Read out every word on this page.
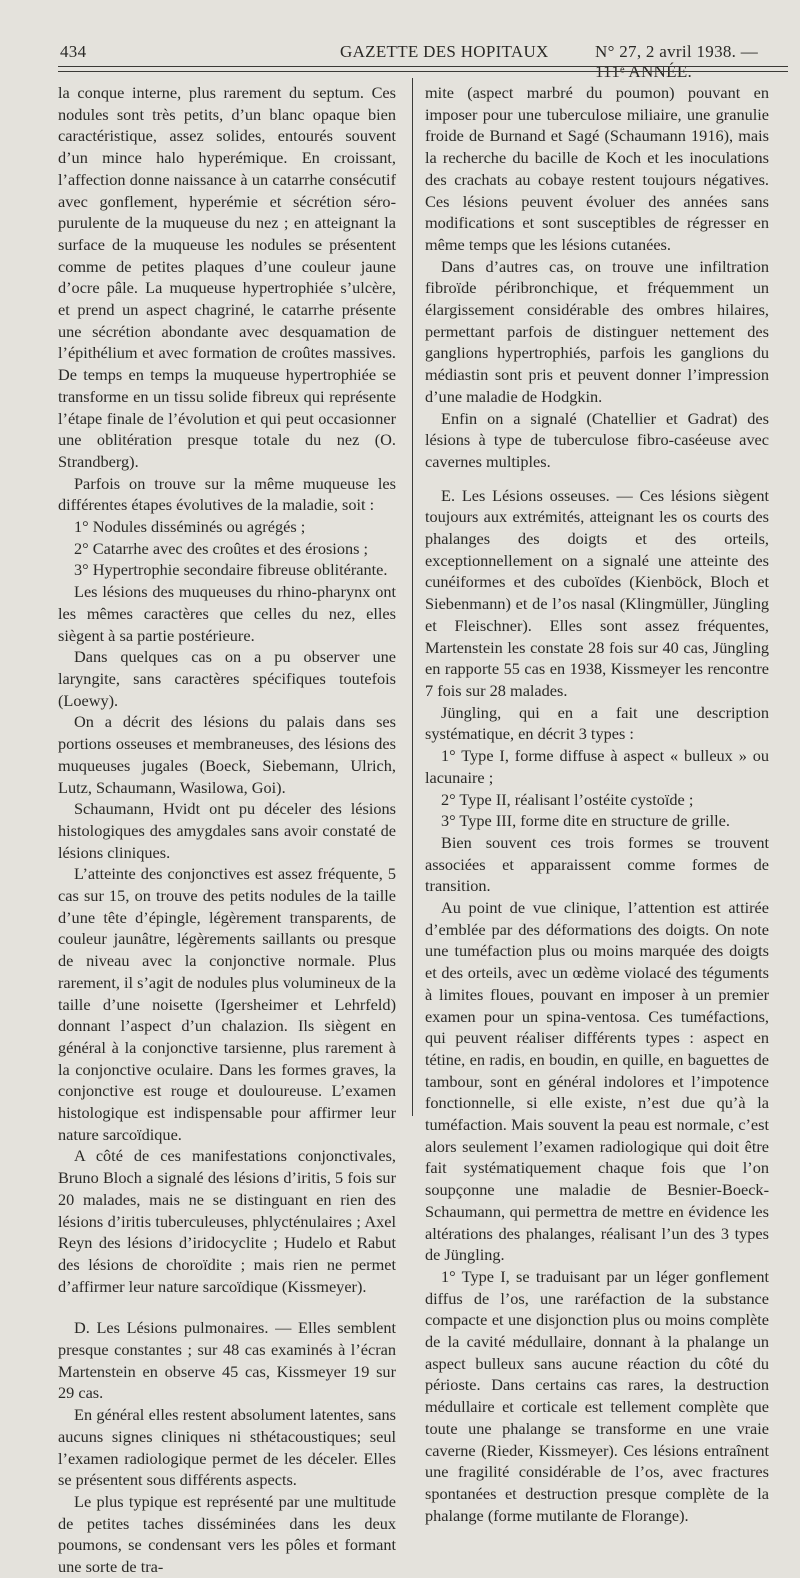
434	GAZETTE DES HOPITAUX	N° 27, 2 avril 1938. — 111ᵉ ANNÉE.

la conque interne, plus rarement du septum. Ces nodules sont très petits, d’un blanc opaque bien caractéristique, assez solides, entourés souvent d’un mince halo hyperémique. En croissant, l’affection donne naissance à un catarrhe consécutif avec gonflement, hyperémie et sécrétion séro-purulente de la muqueuse du nez ; en atteignant la surface de la muqueuse les nodules se présentent comme de petites plaques d’une couleur jaune d’ocre pâle. La muqueuse hypertrophiée s’ulcère, et prend un aspect chagriné, le catarrhe présente une sécrétion abondante avec desquamation de l’épithélium et avec formation de croûtes massives. De temps en temps la muqueuse hypertrophiée se transforme en un tissu solide fibreux qui représente l’étape finale de l’évolution et qui peut occasionner une oblitération presque totale du nez (O. Strandberg).

Parfois on trouve sur la même muqueuse les différentes étapes évolutives de la maladie, soit :

1° Nodules disséminés ou agrégés ;

2° Catarrhe avec des croûtes et des érosions ;

3° Hypertrophie secondaire fibreuse oblitérante.

Les lésions des muqueuses du rhino-pharynx ont les mêmes caractères que celles du nez, elles siègent à sa partie postérieure.

Dans quelques cas on a pu observer une laryngite, sans caractères spécifiques toutefois (Loewy).

On a décrit des lésions du palais dans ses portions osseuses et membraneuses, des lésions des muqueuses jugales (Boeck, Siebemann, Ulrich, Lutz, Schaumann, Wasilowa, Goi).

Schaumann, Hvidt ont pu déceler des lésions histologiques des amygdales sans avoir constaté de lésions cliniques.

L’atteinte des conjonctives est assez fréquente, 5 cas sur 15, on trouve des petits nodules de la taille d’une tête d’épingle, légèrement transparents, de couleur jaunâtre, légèrements saillants ou presque de niveau avec la conjonctive normale. Plus rarement, il s’agit de nodules plus volumineux de la taille d’une noisette (Igersheimer et Lehrfeld) donnant l’aspect d’un chalazion. Ils siègent en général à la conjonctive tarsienne, plus rarement à la conjonctive oculaire. Dans les formes graves, la conjonctive est rouge et douloureuse. L’examen histologique est indispensable pour affirmer leur nature sarcoïdique.

A côté de ces manifestations conjonctivales, Bruno Bloch a signalé des lésions d’iritis, 5 fois sur 20 malades, mais ne se distinguant en rien des lésions d’iritis tuberculeuses, phlycténulaires ; Axel Reyn des lésions d’iridocyclite ; Hudelo et Rabut des lésions de choroïdite ; mais rien ne permet d’affirmer leur nature sarcoïdique (Kissmeyer).

D. Les Lésions pulmonaires. — Elles semblent presque constantes ; sur 48 cas examinés à l’écran Martenstein en observe 45 cas, Kissmeyer 19 sur 29 cas.

En général elles restent absolument latentes, sans aucuns signes cliniques ni sthétacoustiques; seul l’examen radiologique permet de les déceler. Elles se présentent sous différents aspects.

Le plus typique est représenté par une multitude de petites taches disséminées dans les deux poumons, se condensant vers les pôles et formant une sorte de tra-

mite (aspect marbré du poumon) pouvant en imposer pour une tuberculose miliaire, une granulie froide de Burnand et Sagé (Schaumann 1916), mais la recherche du bacille de Koch et les inoculations des crachats au cobaye restent toujours négatives. Ces lésions peuvent évoluer des années sans modifications et sont susceptibles de régresser en même temps que les lésions cutanées.

Dans d’autres cas, on trouve une infiltration fibroïde péribronchique, et fréquemment un élargissement considérable des ombres hilaires, permettant parfois de distinguer nettement des ganglions hypertrophiés, parfois les ganglions du médiastin sont pris et peuvent donner l’impression d’une maladie de Hodgkin.

Enfin on a signalé (Chatellier et Gadrat) des lésions à type de tuberculose fibro-caséeuse avec cavernes multiples.

E. Les Lésions osseuses. — Ces lésions siègent toujours aux extrémités, atteignant les os courts des phalanges des doigts et des orteils, exceptionnellement on a signalé une atteinte des cunéiformes et des cuboïdes (Kienböck, Bloch et Siebenmann) et de l’os nasal (Klingmüller, Jüngling et Fleischner). Elles sont assez fréquentes, Martenstein les constate 28 fois sur 40 cas, Jüngling en rapporte 55 cas en 1938, Kissmeyer les rencontre 7 fois sur 28 malades.

Jüngling, qui en a fait une description systématique, en décrit 3 types :

1° Type I, forme diffuse à aspect « bulleux » ou lacunaire ;

2° Type II, réalisant l’ostéite cystoïde ;

3° Type III, forme dite en structure de grille.

Bien souvent ces trois formes se trouvent associées et apparaissent comme formes de transition.

Au point de vue clinique, l’attention est attirée d’emblée par des déformations des doigts. On note une tuméfaction plus ou moins marquée des doigts et des orteils, avec un œdème violacé des téguments à limites floues, pouvant en imposer à un premier examen pour un spina-ventosa. Ces tuméfactions, qui peuvent réaliser différents types : aspect en tétine, en radis, en boudin, en quille, en baguettes de tambour, sont en général indolores et l’impotence fonctionnelle, si elle existe, n’est due qu’à la tuméfaction. Mais souvent la peau est normale, c’est alors seulement l’examen radiologique qui doit être fait systématiquement chaque fois que l’on soupçonne une maladie de Besnier-Boeck-Schaumann, qui permettra de mettre en évidence les altérations des phalanges, réalisant l’un des 3 types de Jüngling.

1° Type I, se traduisant par un léger gonflement diffus de l’os, une raréfaction de la substance compacte et une disjonction plus ou moins complète de la cavité médullaire, donnant à la phalange un aspect bulleux sans aucune réaction du côté du périoste. Dans certains cas rares, la destruction médullaire et corticale est tellement complète que toute une phalange se transforme en une vraie caverne (Rieder, Kissmeyer). Ces lésions entraînent une fragilité considérable de l’os, avec fractures spontanées et destruction presque complète de la phalange (forme mutilante de Florange).
